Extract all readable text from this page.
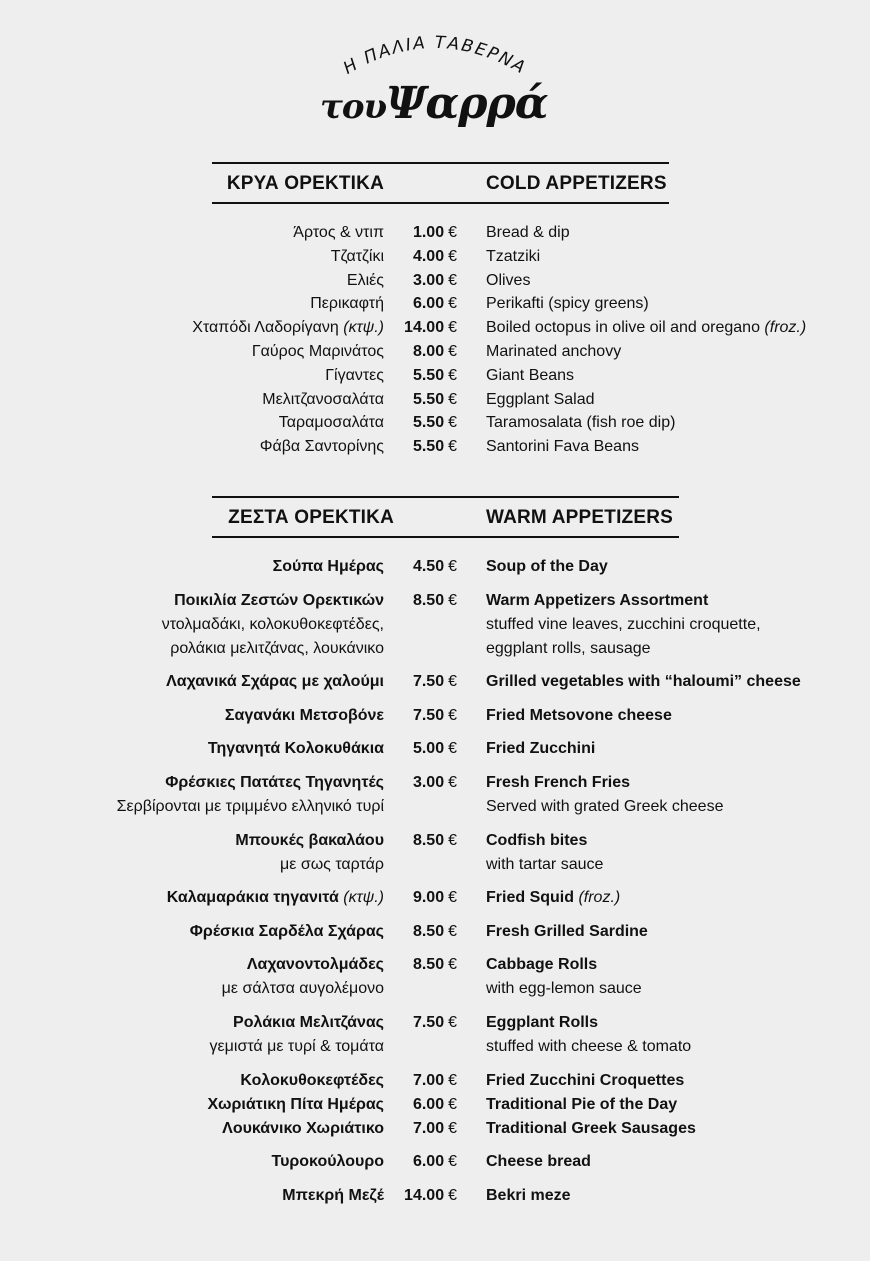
Η ΠΑΛΙΑ ΤΑΒΕΡΝΑ
τουΨαρρά
ΚΡΥΑ ΟΡΕΚΤΙΚΑ	COLD APPETIZERS
Άρτος & ντιπ 1.00 € Bread & dip
Τζατζίκι 4.00 € Tzatziki
Ελιές 3.00 € Olives
Περικαφτή 6.00 € Perikafti (spicy greens)
Χταπόδι Λαδορίγανη (κτψ.) 14.00 € Boiled octopus in olive oil and oregano (froz.)
Γαύρος Μαρινάτος 8.00 € Marinated anchovy
Γίγαντες 5.50 € Giant Beans
Μελιτζανοσαλάτα 5.50 € Eggplant Salad
Ταραμοσαλάτα 5.50 € Taramosalata (fish roe dip)
Φάβα Σαντορίνης 5.50 € Santorini Fava Beans
ΖΕΣΤΑ ΟΡΕΚΤΙΚΑ	WARM APPETIZERS
Σούπα Ημέρας 4.50 € Soup of the Day
Ποικιλία Ζεστών Ορεκτικών 8.50 € Warm Appetizers Assortment
ντολμαδάκι, κολοκυθοκεφτέδες,	stuffed vine leaves, zucchini croquette,
ρολάκια μελιτζάνας, λουκάνικο	eggplant rolls, sausage
Λαχανικά Σχάρας με χαλούμι 7.50 € Grilled vegetables with “haloumi” cheese
Σαγανάκι Μετσοβόνε 7.50 € Fried Metsovone cheese
Τηγανητά Κολοκυθάκια 5.00 € Fried Zucchini
Φρέσκιες Πατάτες Τηγανητές 3.00 € Fresh French Fries
Σερβίρονται με τριμμένο ελληνικό τυρί	Served with grated Greek cheese
Μπουκές βακαλάου 8.50 € Codfish bites
με σως ταρτάρ	with tartar sauce
Καλαμαράκια τηγανιτά (κτψ.) 9.00 € Fried Squid (froz.)
Φρέσκια Σαρδέλα Σχάρας 8.50 € Fresh Grilled Sardine
Λαχανοντολμάδες 8.50 € Cabbage Rolls
με σάλτσα αυγολέμονο	with egg-lemon sauce
Ρολάκια Μελιτζάνας 7.50 € Eggplant Rolls
γεμιστά με τυρί & τομάτα	stuffed with cheese & tomato
Κολοκυθοκεφτέδες 7.00 € Fried Zucchini Croquettes
Χωριάτικη Πίτα Ημέρας 6.00 € Traditional Pie of the Day
Λουκάνικο Χωριάτικο 7.00 € Traditional Greek Sausages
Τυροκούλουρο 6.00 € Cheese bread
Μπεκρή Μεζέ 14.00 € Bekri meze
